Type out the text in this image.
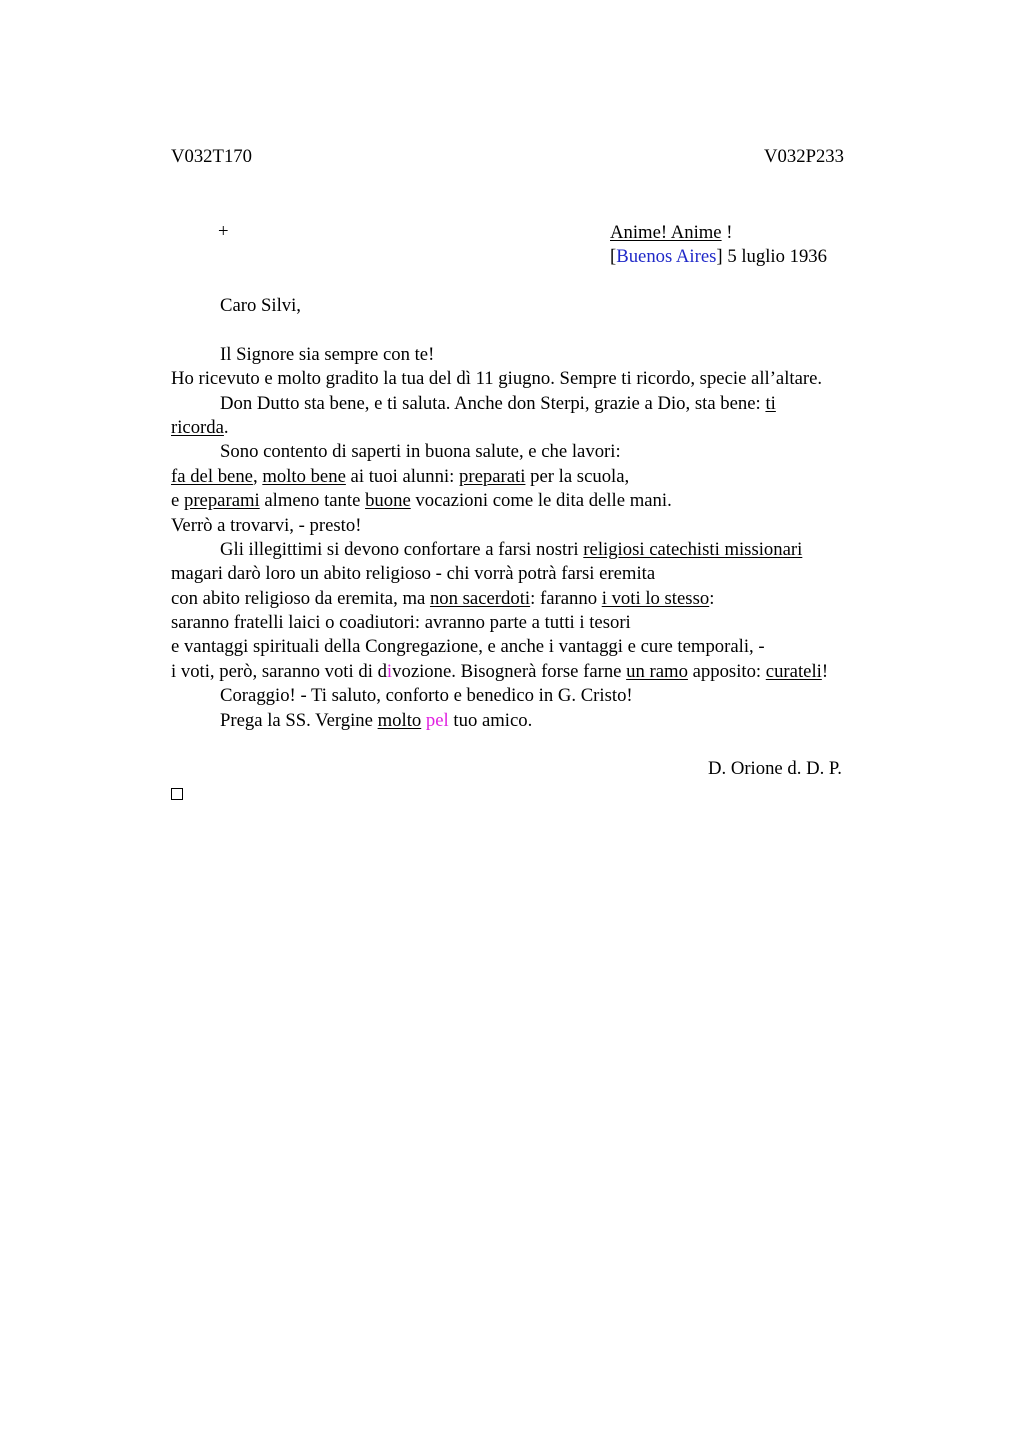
V032T170	V032P233
+	Anime! Anime !
[Buenos Aires] 5 luglio 1936
Caro Silvi,
Il Signore sia sempre con te!
Ho ricevuto e molto gradito la tua del dì 11 giugno. Sempre ti ricordo, specie all’altare.
Don Dutto sta bene, e ti saluta. Anche don Sterpi, grazie a Dio, sta bene: ti
ricorda.
Sono contento di saperti in buona salute, e che lavori:
fa del bene, molto bene ai tuoi alunni: preparati per la scuola,
e preparami almeno tante buone vocazioni come le dita delle mani.
Verrò a trovarvi, - presto!
Gli illegittimi si devono confortare a farsi nostri religiosi catechisti missionari
magari darò loro un abito religioso - chi vorrà potrà farsi eremita
con abito religioso da eremita, ma non sacerdoti: faranno i voti lo stesso:
saranno fratelli laici o coadiutori: avranno parte a tutti i tesori
e vantaggi spirituali della Congregazione, e anche i vantaggi e cure temporali, -
i voti, però, saranno voti di divozione. Bisognerà forse farne un ramo apposito: curateli!
Coraggio! - Ti saluto, conforto e benedico in G. Cristo!
Prega la SS. Vergine molto pel tuo amico.
D. Orione d. D. P.
